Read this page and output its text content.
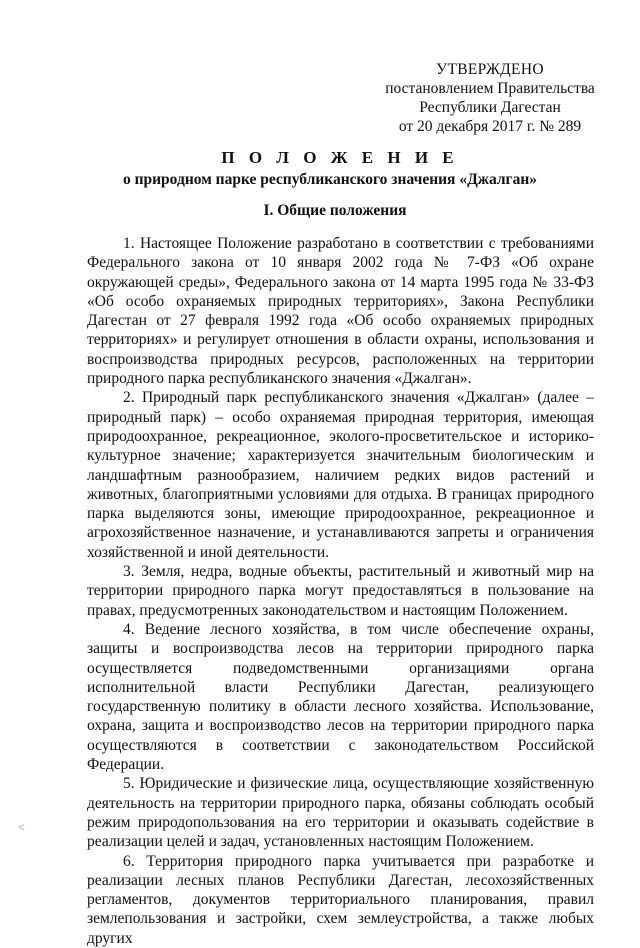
УТВЕРЖДЕНО
постановлением Правительства
Республики Дагестан
от 20 декабря 2017 г. № 289
П О Л О Ж Е Н И Е
о природном парке республиканского значения «Джалган»
I. Общие положения

1. Настоящее Положение разработано в соответствии с требованиями Федерального закона от 10 января 2002 года № 7-ФЗ «Об охране окружающей среды», Федерального закона от 14 марта 1995 года № 33-ФЗ «Об особо охраняемых природных территориях», Закона Республики Дагестан от 27 февраля 1992 года «Об особо охраняемых природных территориях» и регулирует отношения в области охраны, использования и воспроизводства природных ресурсов, расположенных на территории природного парка республиканского значения «Джалган».

2. Природный парк республиканского значения «Джалган» (далее – природный парк) – особо охраняемая природная территория, имеющая природоохранное, рекреационное, эколого-просветительское и историко-культурное значение; характеризуется значительным биологическим и ландшафтным разнообразием, наличием редких видов растений и животных, благоприятными условиями для отдыха. В границах природного парка выделяются зоны, имеющие природоохранное, рекреационное и агрохозяйственное назначение, и устанавливаются запреты и ограничения хозяйственной и иной деятельности.

3. Земля, недра, водные объекты, растительный и животный мир на территории природного парка могут предоставляться в пользование на правах, предусмотренных законодательством и настоящим Положением.

4. Ведение лесного хозяйства, в том числе обеспечение охраны, защиты и воспроизводства лесов на территории природного парка осуществляется подведомственными организациями органа исполнительной власти Республики Дагестан, реализующего государственную политику в области лесного хозяйства. Использование, охрана, защита и воспроизводство лесов на территории природного парка осуществляются в соответствии с законодательством Российской Федерации.

5. Юридические и физические лица, осуществляющие хозяйственную деятельность на территории природного парка, обязаны соблюдать особый режим природопользования на его территории и оказывать содействие в реализации целей и задач, установленных настоящим Положением.

6. Территория природного парка учитывается при разработке и реализации лесных планов Республики Дагестан, лесохозяйственных регламентов, документов территориального планирования, правил землепользования и застройки, схем землеустройства, а также любых других

<
